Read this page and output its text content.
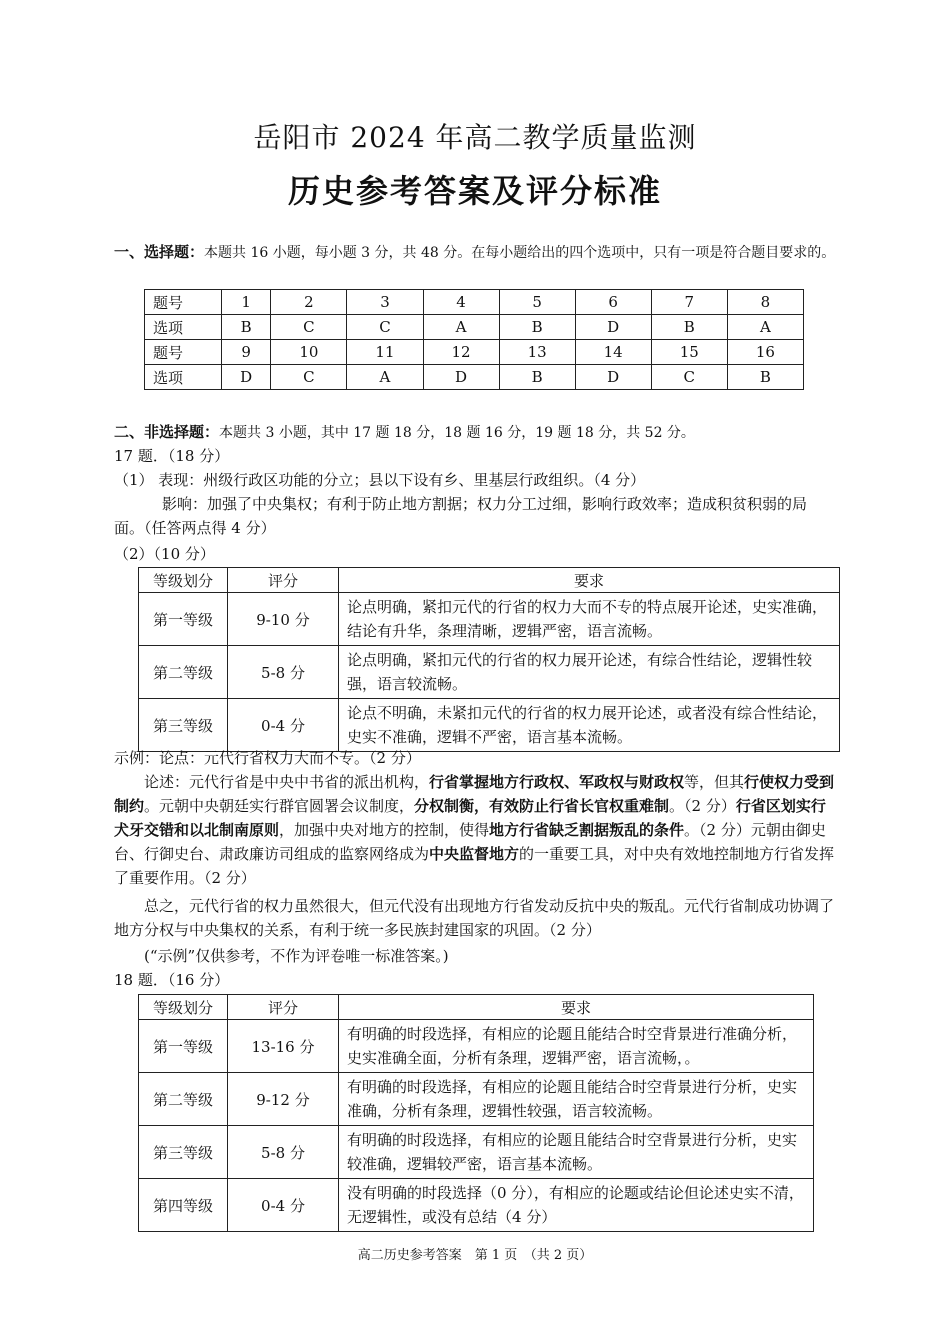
岳阳市 2024 年高二教学质量监测
历史参考答案及评分标准

一、选择题：本题共 16 小题，每小题 3 分，共 48 分。在每小题给出的四个选项中，只有一项是符合题目要求的。

题号	1	2	3	4	5	6	7	8
选项	B	C	C	A	B	D	B	A
题号	9	10	11	12	13	14	15	16
选项	D	C	A	D	B	D	C	B

二、非选择题：本题共 3 小题，其中 17 题 18 分，18 题 16 分，19 题 18 分，共 52 分。

17 题．（18 分）

（1） 表现：州级行政区功能的分立；县以下设有乡、里基层行政组织。（4 分）

影响：加强了中央集权；有利于防止地方割据；权力分工过细，影响行政效率；造成积贫积弱的局面。（任答两点得 4 分）

（2）（10 分）

等级划分	评分	要求
第一等级	9-10 分	论点明确，紧扣元代的行省的权力大而不专的特点展开论述，史实准确，结论有升华，条理清晰，逻辑严密，语言流畅。
第二等级	5-8 分	论点明确，紧扣元代的行省的权力展开论述，有综合性结论，逻辑性较强，语言较流畅。
第三等级	0-4 分	论点不明确，未紧扣元代的行省的权力展开论述，或者没有综合性结论，史实不准确，逻辑不严密，语言基本流畅。

示例：论点：元代行省权力大而不专。（2 分）

论述：元代行省是中央中书省的派出机构，行省掌握地方行政权、军政权与财政权等，但其行使权力受到制约。元朝中央朝廷实行群官圆署会议制度，分权制衡，有效防止行省长官权重难制。（2 分）行省区划实行犬牙交错和以北制南原则，加强中央对地方的控制，使得地方行省缺乏割据叛乱的条件。（2 分）元朝由御史台、行御史台、肃政廉访司组成的监察网络成为中央监督地方的一重要工具，对中央有效地控制地方行省发挥了重要作用。（2 分）

总之，元代行省的权力虽然很大，但元代没有出现地方行省发动反抗中央的叛乱。元代行省制成功协调了地方分权与中央集权的关系，有利于统一多民族封建国家的巩固。（2 分）

(“示例”仅供参考，不作为评卷唯一标准答案。)

18 题．（16 分）

等级划分	评分	要求
第一等级	13-16 分	有明确的时段选择，有相应的论题且能结合时空背景进行准确分析，史实准确全面，分析有条理，逻辑严密，语言流畅，。
第二等级	9-12 分	有明确的时段选择，有相应的论题且能结合时空背景进行分析，史实准确，分析有条理，逻辑性较强，语言较流畅。
第三等级	5-8 分	有明确的时段选择，有相应的论题且能结合时空背景进行分析，史实较准确，逻辑较严密，语言基本流畅。
第四等级	0-4 分	没有明确的时段选择（0 分），有相应的论题或结论但论述史实不清，无逻辑性，或没有总结（4 分）
高二历史参考答案　第 1 页　（共 2 页）
